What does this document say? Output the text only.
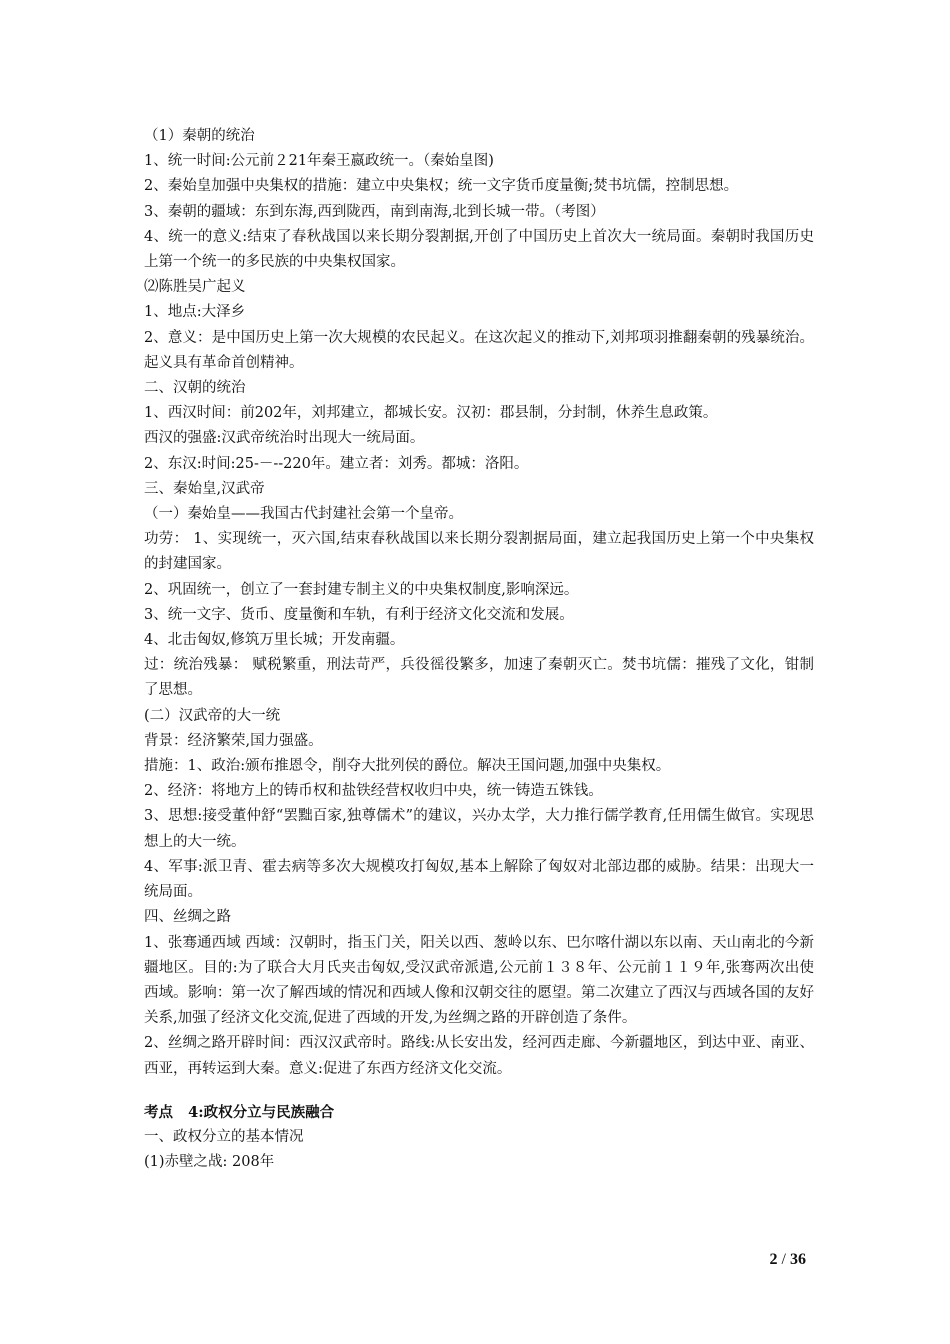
（1）秦朝的统治
1、统一时间:公元前２21年秦王嬴政统一。（秦始皇图)
2、秦始皇加强中央集权的措施：建立中央集权；统一文字货币度量衡;焚书坑儒，控制思想。
3、秦朝的疆域：东到东海,西到陇西，南到南海,北到长城一带。（考图）
4、统一的意义:结束了春秋战国以来长期分裂割据,开创了中国历史上首次大一统局面。秦朝时我国历史上第一个统一的多民族的中央集权国家。
⑵陈胜吴广起义
1、地点:大泽乡
2、意义：是中国历史上第一次大规模的农民起义。在这次起义的推动下,刘邦项羽推翻秦朝的残暴统治。起义具有革命首创精神。
二、汉朝的统治
1、西汉时间：前202年，刘邦建立，都城长安。汉初：郡县制，分封制，休养生息政策。
西汉的强盛:汉武帝统治时出现大一统局面。
2、东汉:时间:25-－--220年。建立者：刘秀。都城：洛阳。
三、秦始皇,汉武帝
（一）秦始皇——我国古代封建社会第一个皇帝。
功劳： 1、实现统一，灭六国,结束春秋战国以来长期分裂割据局面，建立起我国历史上第一个中央集权的封建国家。
2、巩固统一，创立了一套封建专制主义的中央集权制度,影响深远。
3、统一文字、货币、度量衡和车轨，有利于经济文化交流和发展。
4、北击匈奴,修筑万里长城；开发南疆。
过：统治残暴： 赋税繁重，刑法苛严，兵役徭役繁多，加速了秦朝灭亡。焚书坑儒：摧残了文化，钳制了思想。
(二）汉武帝的大一统
背景：经济繁荣,国力强盛。
措施：1、政治:颁布推恩令，削夺大批列侯的爵位。解决王国问题,加强中央集权。
2、经济：将地方上的铸币权和盐铁经营权收归中央，统一铸造五铢钱。
3、思想:接受董仲舒“罢黜百家,独尊儒术”的建议，兴办太学，大力推行儒学教育,任用儒生做官。实现思想上的大一统。
4、军事:派卫青、霍去病等多次大规模攻打匈奴,基本上解除了匈奴对北部边郡的威胁。结果：出现大一统局面。
四、丝绸之路
1、张骞通西域 西域：汉朝时，指玉门关，阳关以西、葱岭以东、巴尔喀什湖以东以南、天山南北的今新疆地区。目的:为了联合大月氏夹击匈奴,受汉武帝派遣,公元前１３８年、公元前１１９年,张骞两次出使西域。影响：第一次了解西域的情况和西域人像和汉朝交往的愿望。第二次建立了西汉与西域各国的友好关系,加强了经济文化交流,促进了西域的开发,为丝绸之路的开辟创造了条件。
2、丝绸之路开辟时间：西汉汉武帝时。路线:从长安出发，经河西走廊、今新疆地区，到达中亚、南亚、西亚，再转运到大秦。意义:促进了东西方经济文化交流。
考点   4:政权分立与民族融合
一、政权分立的基本情况
(1)赤壁之战: 208年
2 / 36
